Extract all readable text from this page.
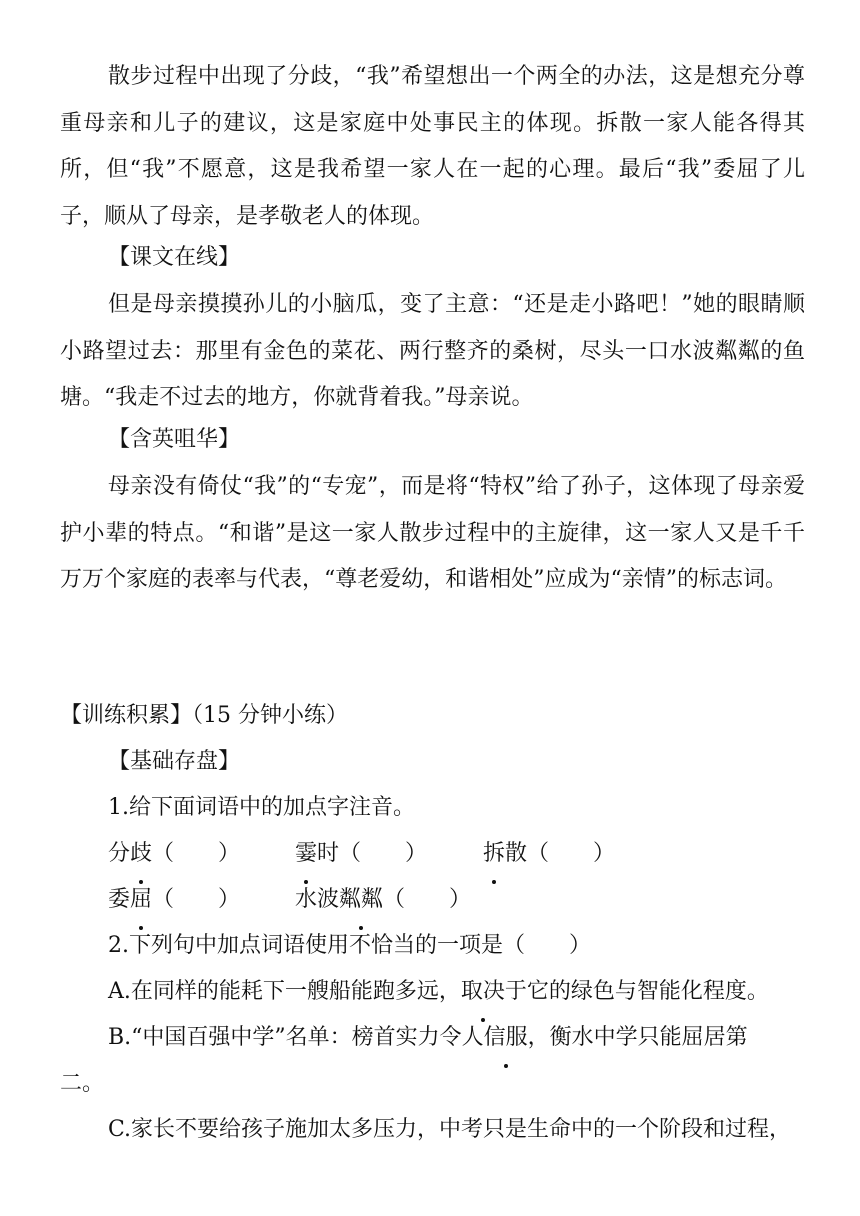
散步过程中出现了分歧，“我”希望想出一个两全的办法，这是想充分尊重母亲和儿子的建议，这是家庭中处事民主的体现。拆散一家人能各得其所，但“我”不愿意，这是我希望一家人在一起的心理。最后“我”委屈了儿子，顺从了母亲，是孝敬老人的体现。

【课文在线】

但是母亲摸摸孙儿的小脑瓜，变了主意：“还是走小路吧！”她的眼睛顺小路望过去：那里有金色的菜花、两行整齐的桑树，尽头一口水波粼粼的鱼塘。“我走不过去的地方，你就背着我。”母亲说。

【含英咀华】

母亲没有倚仗“我”的“专宠”，而是将“特权”给了孙子，这体现了母亲爱护小辈的特点。“和谐”是这一家人散步过程中的主旋律，这一家人又是千千万万个家庭的表率与代表，“尊老爱幼，和谐相处”应成为“亲情”的标志词。

【训练积累】（15 分钟小练）

【基础存盘】

1.给下面词语中的加点字注音。

分歧（　　） 霎时（　　）	拆散（　　）

委屈（　　） 水波粼粼（　　）

2.下列句中加点词语使用不恰当的一项是（　　）

A.在同样的能耗下一艘船能跑多远，取决于它的绿色与智能化程度。

B.“中国百强中学”名单：榜首实力令人信服，衡水中学只能屈居第

二。

C.家长不要给孩子施加太多压力，中考只是生命中的一个阶段和过程，
